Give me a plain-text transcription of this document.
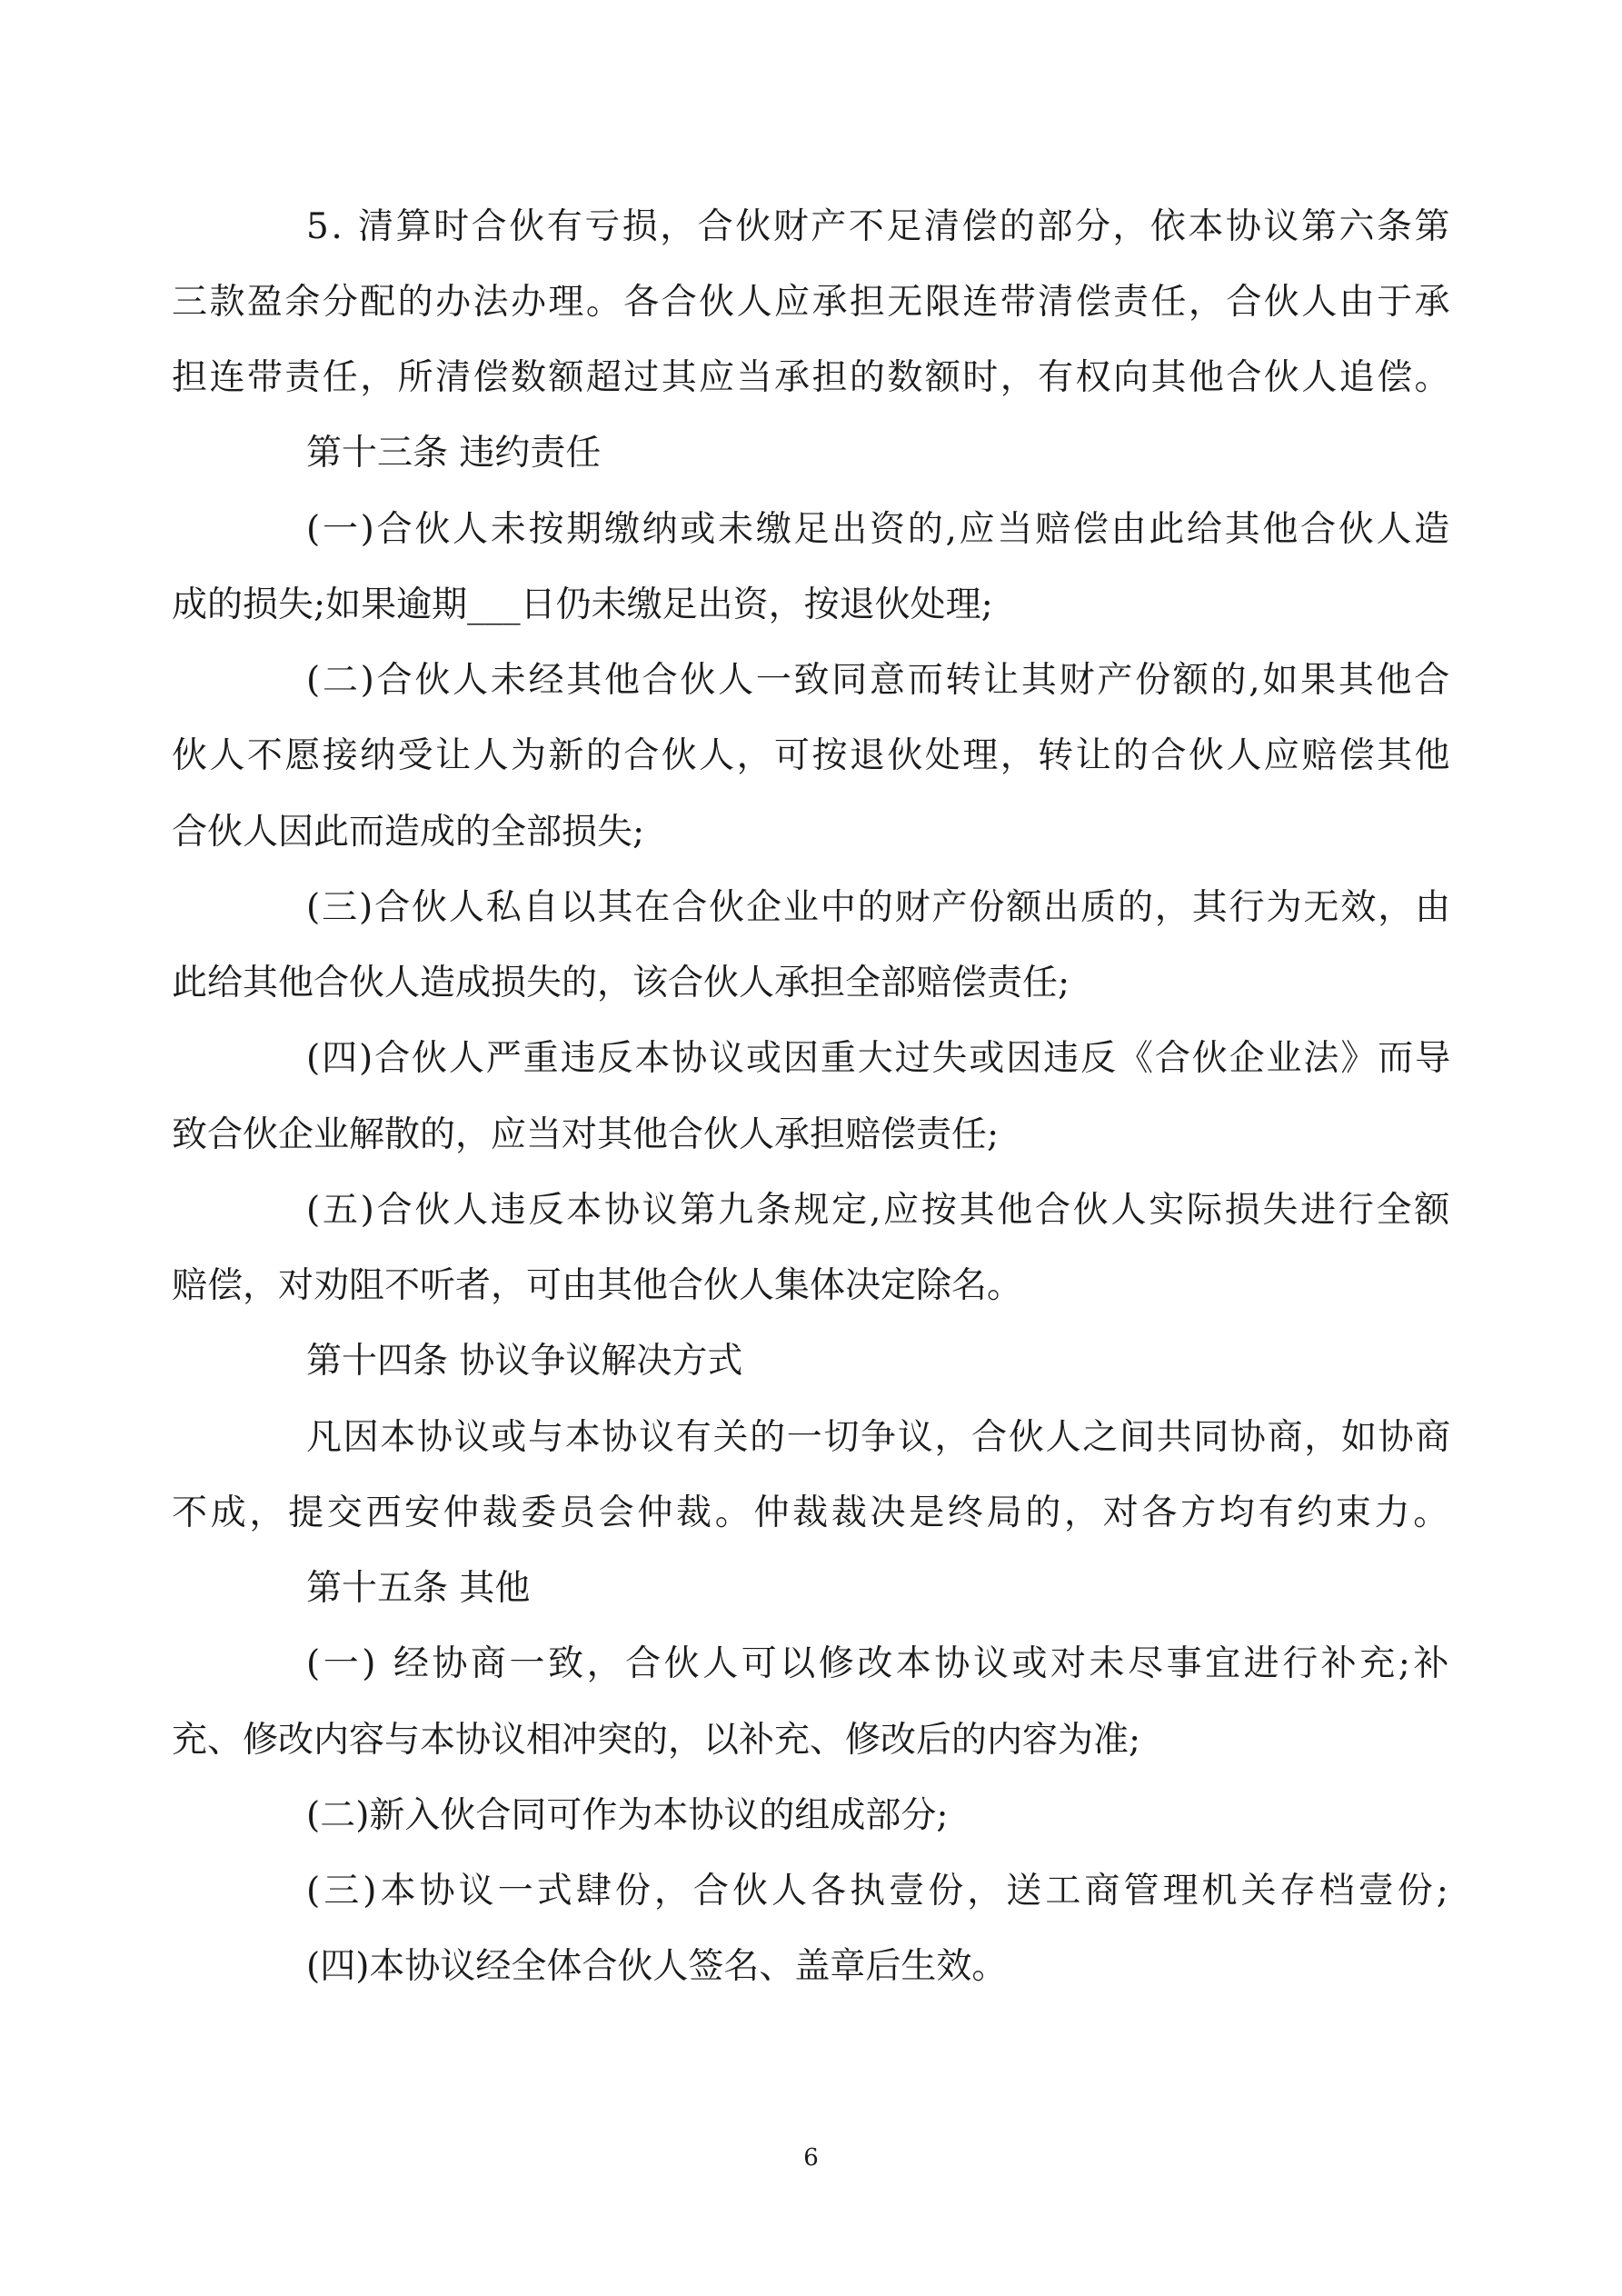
5. 清算时合伙有亏损，合伙财产不足清偿的部分，依本协议第六条第
三款盈余分配的办法办理。各合伙人应承担无限连带清偿责任，合伙人由于承
担连带责任，所清偿数额超过其应当承担的数额时，有权向其他合伙人追偿。
第十三条 违约责任
(一)合伙人未按期缴纳或未缴足出资的,应当赔偿由此给其他合伙人造
成的损失;如果逾期___日仍未缴足出资，按退伙处理;
(二)合伙人未经其他合伙人一致同意而转让其财产份额的,如果其他合
伙人不愿接纳受让人为新的合伙人，可按退伙处理，转让的合伙人应赔偿其他
合伙人因此而造成的全部损失;
(三)合伙人私自以其在合伙企业中的财产份额出质的，其行为无效，由
此给其他合伙人造成损失的，该合伙人承担全部赔偿责任;
(四)合伙人严重违反本协议或因重大过失或因违反《合伙企业法》而导
致合伙企业解散的，应当对其他合伙人承担赔偿责任;
(五)合伙人违反本协议第九条规定,应按其他合伙人实际损失进行全额
赔偿，对劝阻不听者，可由其他合伙人集体决定除名。
第十四条 协议争议解决方式
凡因本协议或与本协议有关的一切争议，合伙人之间共同协商，如协商
不成，提交西安仲裁委员会仲裁。仲裁裁决是终局的，对各方均有约束力。
第十五条 其他
(一) 经协商一致，合伙人可以修改本协议或对未尽事宜进行补充;补
充、修改内容与本协议相冲突的，以补充、修改后的内容为准;
(二)新入伙合同可作为本协议的组成部分;
(三)本协议一式肆份，合伙人各执壹份，送工商管理机关存档壹份;
(四)本协议经全体合伙人签名、盖章后生效。
6
